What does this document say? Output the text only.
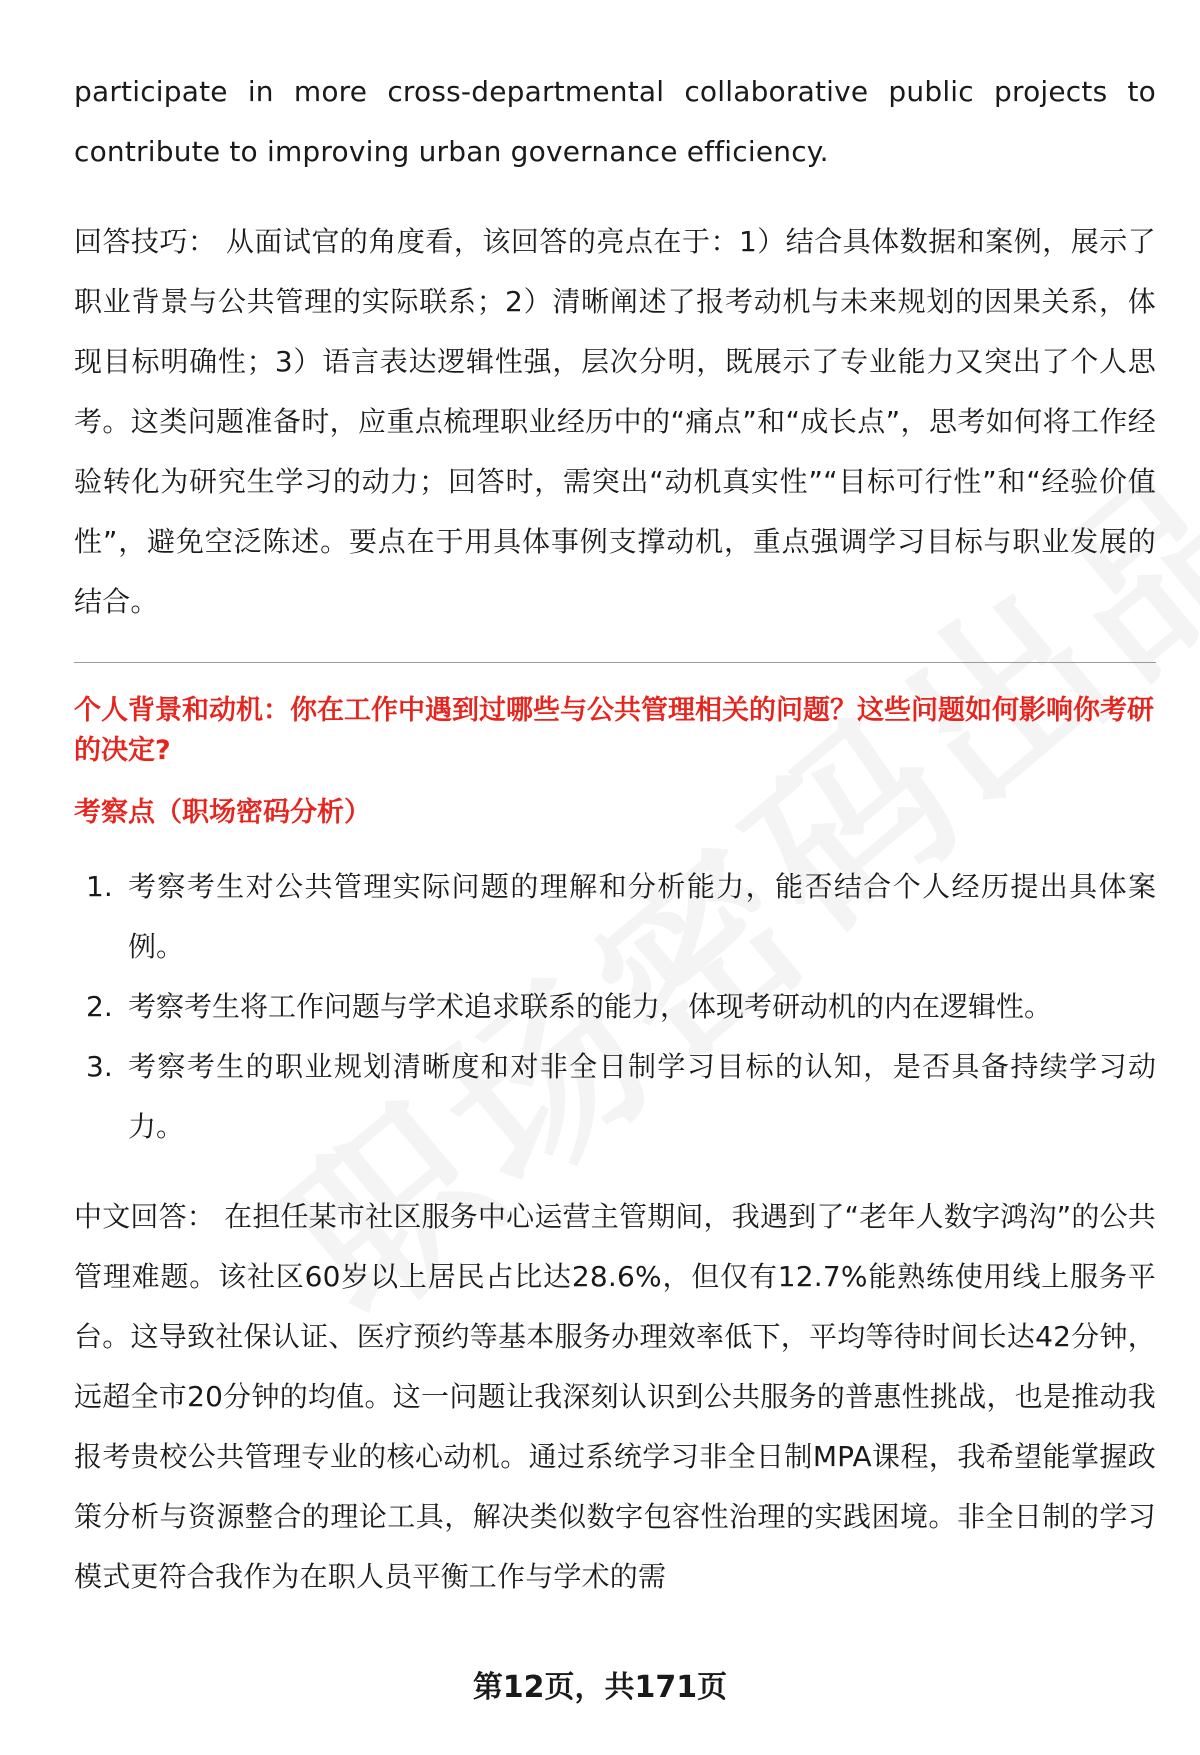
participate in more cross-departmental collaborative public projects to contribute to improving urban governance efficiency.

回答技巧： 从面试官的角度看，该回答的亮点在于：1）结合具体数据和案例，展示了职业背景与公共管理的实际联系；2）清晰阐述了报考动机与未来规划的因果关系，体现目标明确性；3）语言表达逻辑性强，层次分明，既展示了专业能力又突出了个人思考。这类问题准备时，应重点梳理职业经历中的“痛点”和“成长点”，思考如何将工作经验转化为研究生学习的动力；回答时，需突出“动机真实性”“目标可行性”和“经验价值性”，避免空泛陈述。要点在于用具体事例支撑动机，重点强调学习目标与职业发展的结合。

个人背景和动机：你在工作中遇到过哪些与公共管理相关的问题？这些问题如何影响你考研的决定?

考察点（职场密码分析）

1. 考察考生对公共管理实际问题的理解和分析能力，能否结合个人经历提出具体案例。
2. 考察考生将工作问题与学术追求联系的能力，体现考研动机的内在逻辑性。
3. 考察考生的职业规划清晰度和对非全日制学习目标的认知，是否具备持续学习动力。

中文回答： 在担任某市社区服务中心运营主管期间，我遇到了“老年人数字鸿沟”的公共管理难题。该社区60岁以上居民占比达28.6%，但仅有12.7%能熟练使用线上服务平台。这导致社保认证、医疗预约等基本服务办理效率低下，平均等待时间长达42分钟，远超全市20分钟的均值。这一问题让我深刻认识到公共服务的普惠性挑战，也是推动我报考贵校公共管理专业的核心动机。通过系统学习非全日制MPA课程，我希望能掌握政策分析与资源整合的理论工具，解决类似数字包容性治理的实践困境。非全日制的学习模式更符合我作为在职人员平衡工作与学术的需

第12页，共171页
